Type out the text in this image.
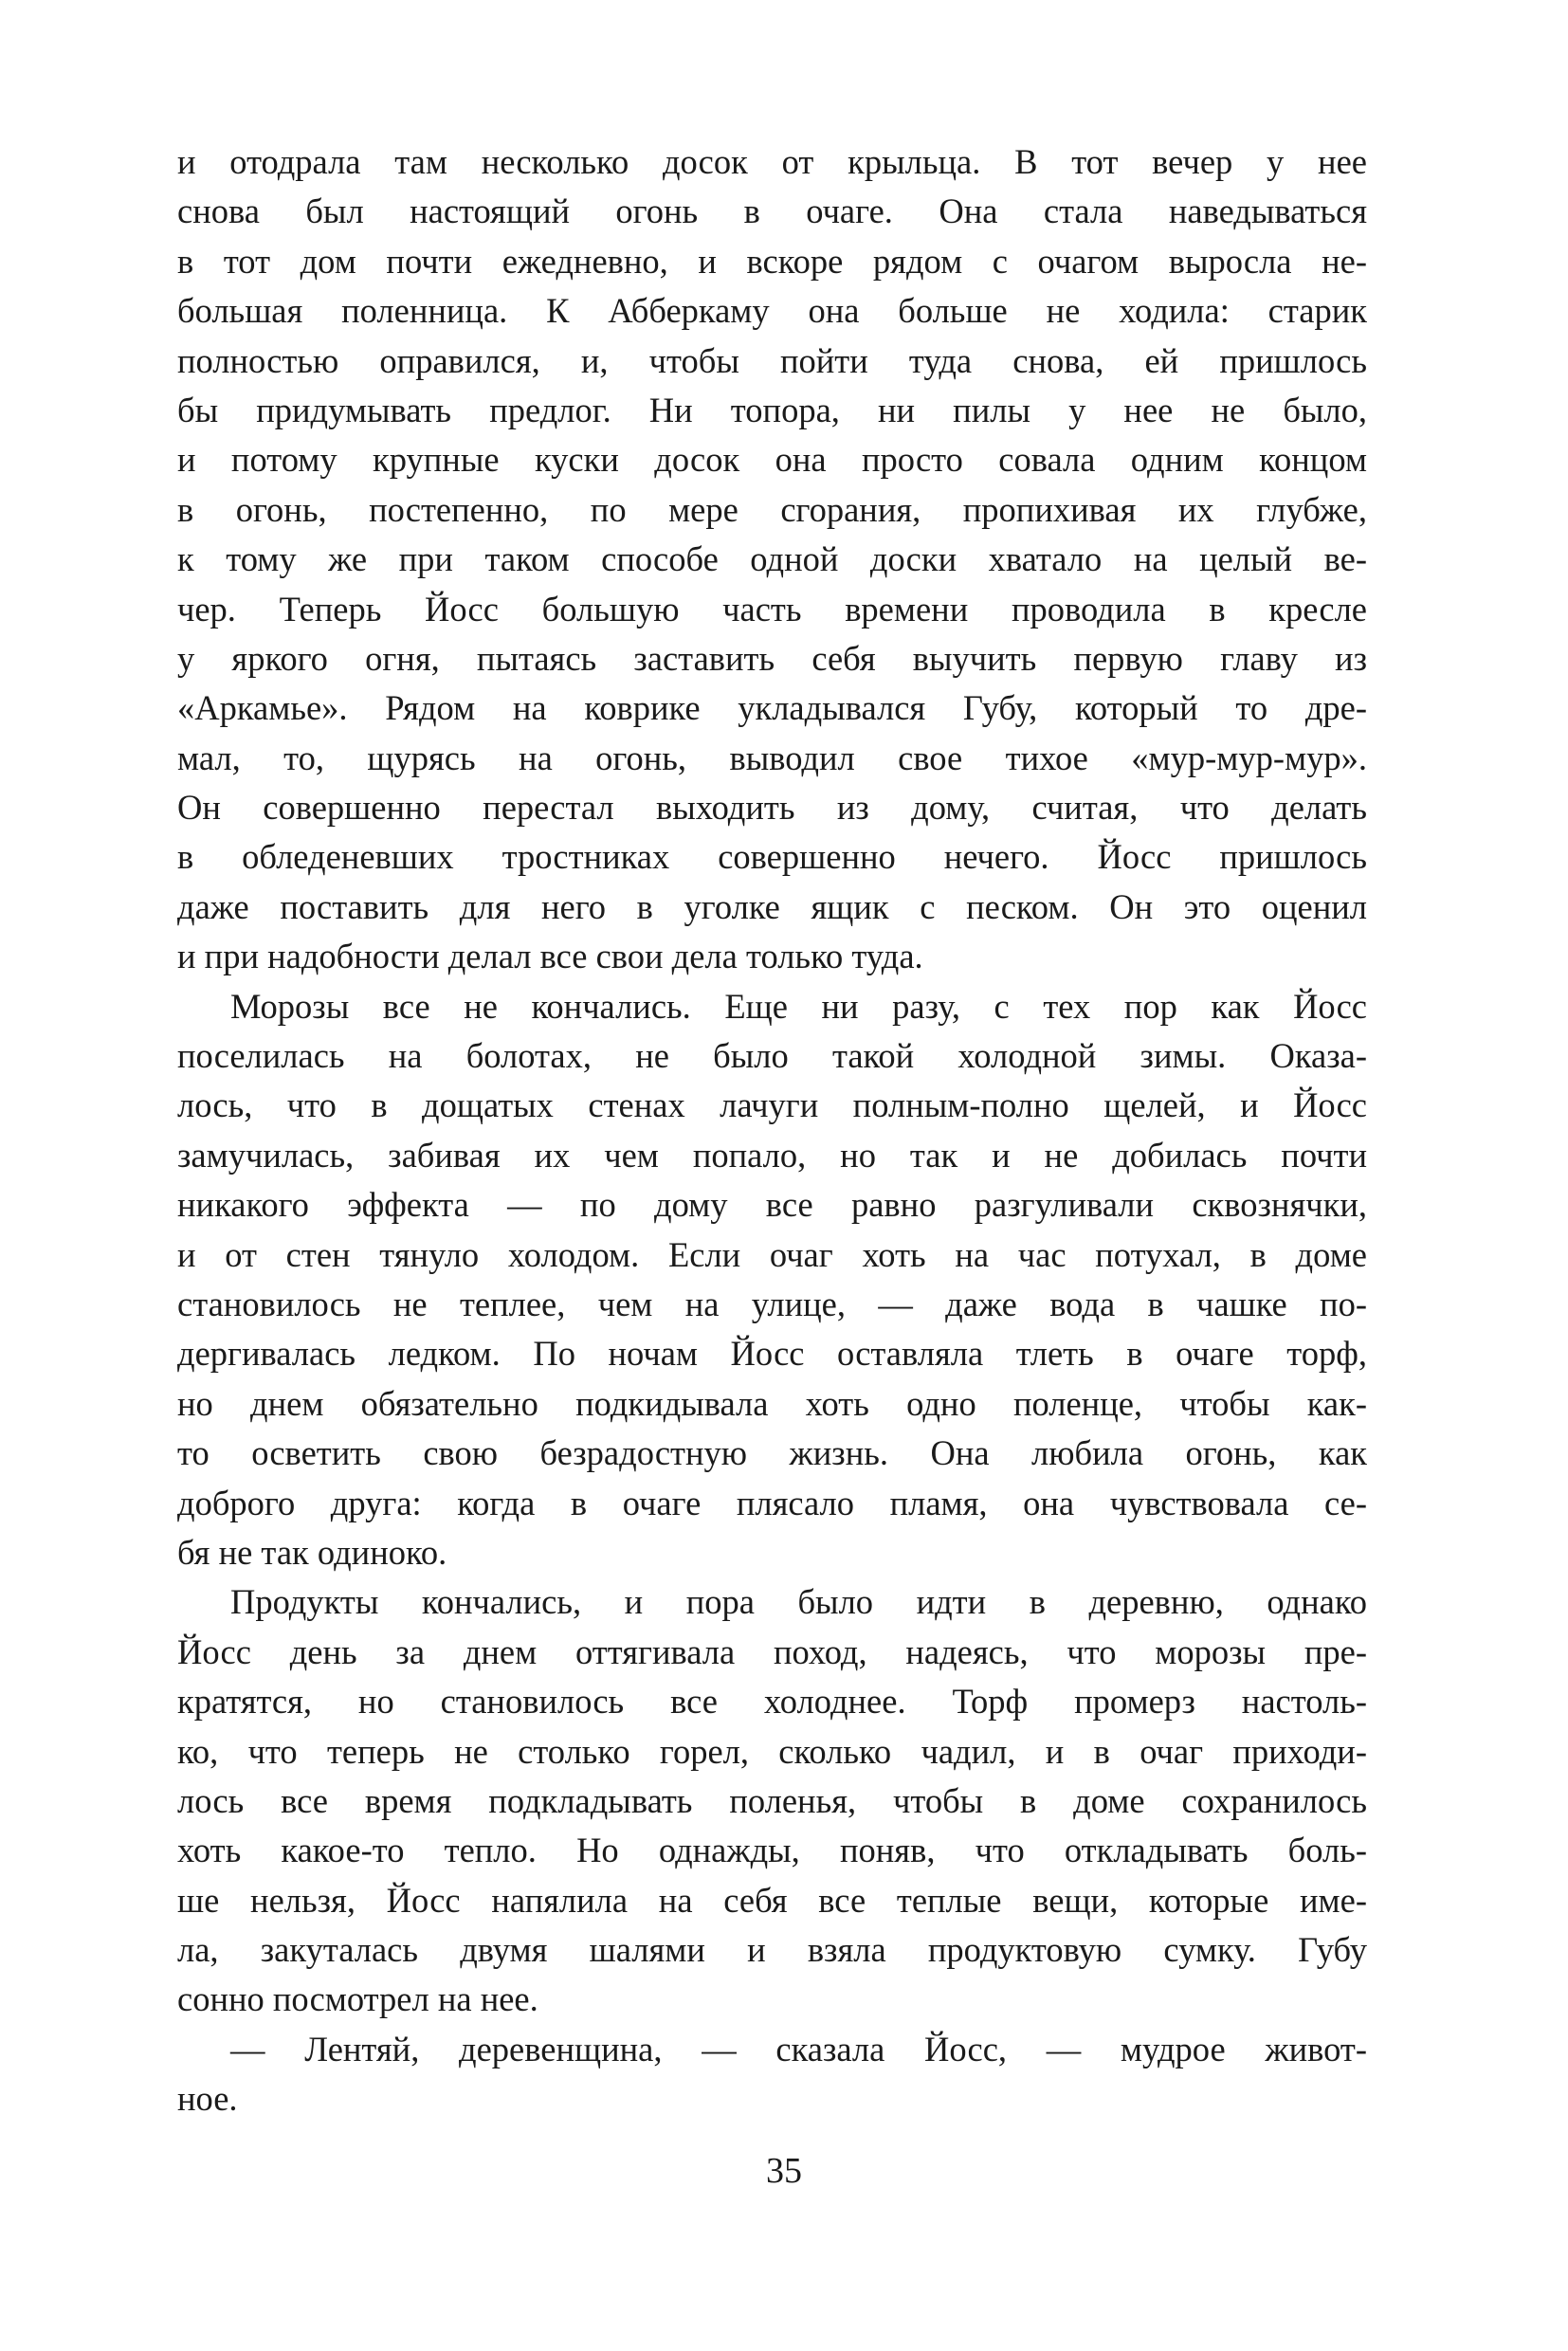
и отодрала там несколько досок от крыльца. В тот вечер у нее
снова был настоящий огонь в очаге. Она стала наведываться
в тот дом почти ежедневно, и вскоре рядом с очагом выросла не-
большая поленница. К Абберкаму она больше не ходила: старик
полностью оправился, и, чтобы пойти туда снова, ей пришлось
бы придумывать предлог. Ни топора, ни пилы у нее не было,
и потому крупные куски досок она просто совала одним концом
в огонь, постепенно, по мере сгорания, пропихивая их глубже,
к тому же при таком способе одной доски хватало на целый ве-
чер. Теперь Йосс большую часть времени проводила в кресле
у яркого огня, пытаясь заставить себя выучить первую главу из
«Аркамье». Рядом на коврике укладывался Губу, который то дре-
мал, то, щурясь на огонь, выводил свое тихое «мур-мур-мур».
Он совершенно перестал выходить из дому, считая, что делать
в обледеневших тростниках совершенно нечего. Йосс пришлось
даже поставить для него в уголке ящик с песком. Он это оценил
и при надобности делал все свои дела только туда.
Морозы все не кончались. Еще ни разу, с тех пор как Йосс
поселилась на болотах, не было такой холодной зимы. Оказа-
лось, что в дощатых стенах лачуги полным-полно щелей, и Йосс
замучилась, забивая их чем попало, но так и не добилась почти
никакого эффекта — по дому все равно разгуливали сквознячки,
и от стен тянуло холодом. Если очаг хоть на час потухал, в доме
становилось не теплее, чем на улице, — даже вода в чашке по-
дергивалась ледком. По ночам Йосс оставляла тлеть в очаге торф,
но днем обязательно подкидывала хоть одно поленце, чтобы как-
то осветить свою безрадостную жизнь. Она любила огонь, как
доброго друга: когда в очаге плясало пламя, она чувствовала се-
бя не так одиноко.
Продукты кончались, и пора было идти в деревню, однако
Йосс день за днем оттягивала поход, надеясь, что морозы пре-
кратятся, но становилось все холоднее. Торф промерз настоль-
ко, что теперь не столько горел, сколько чадил, и в очаг приходи-
лось все время подкладывать поленья, чтобы в доме сохранилось
хоть какое-то тепло. Но однажды, поняв, что откладывать боль-
ше нельзя, Йосс напялила на себя все теплые вещи, которые име-
ла, закуталась двумя шалями и взяла продуктовую сумку. Губу
сонно посмотрел на нее.
— Лентяй, деревенщина, — сказала Йосс, — мудрое живот-
ное.
35
